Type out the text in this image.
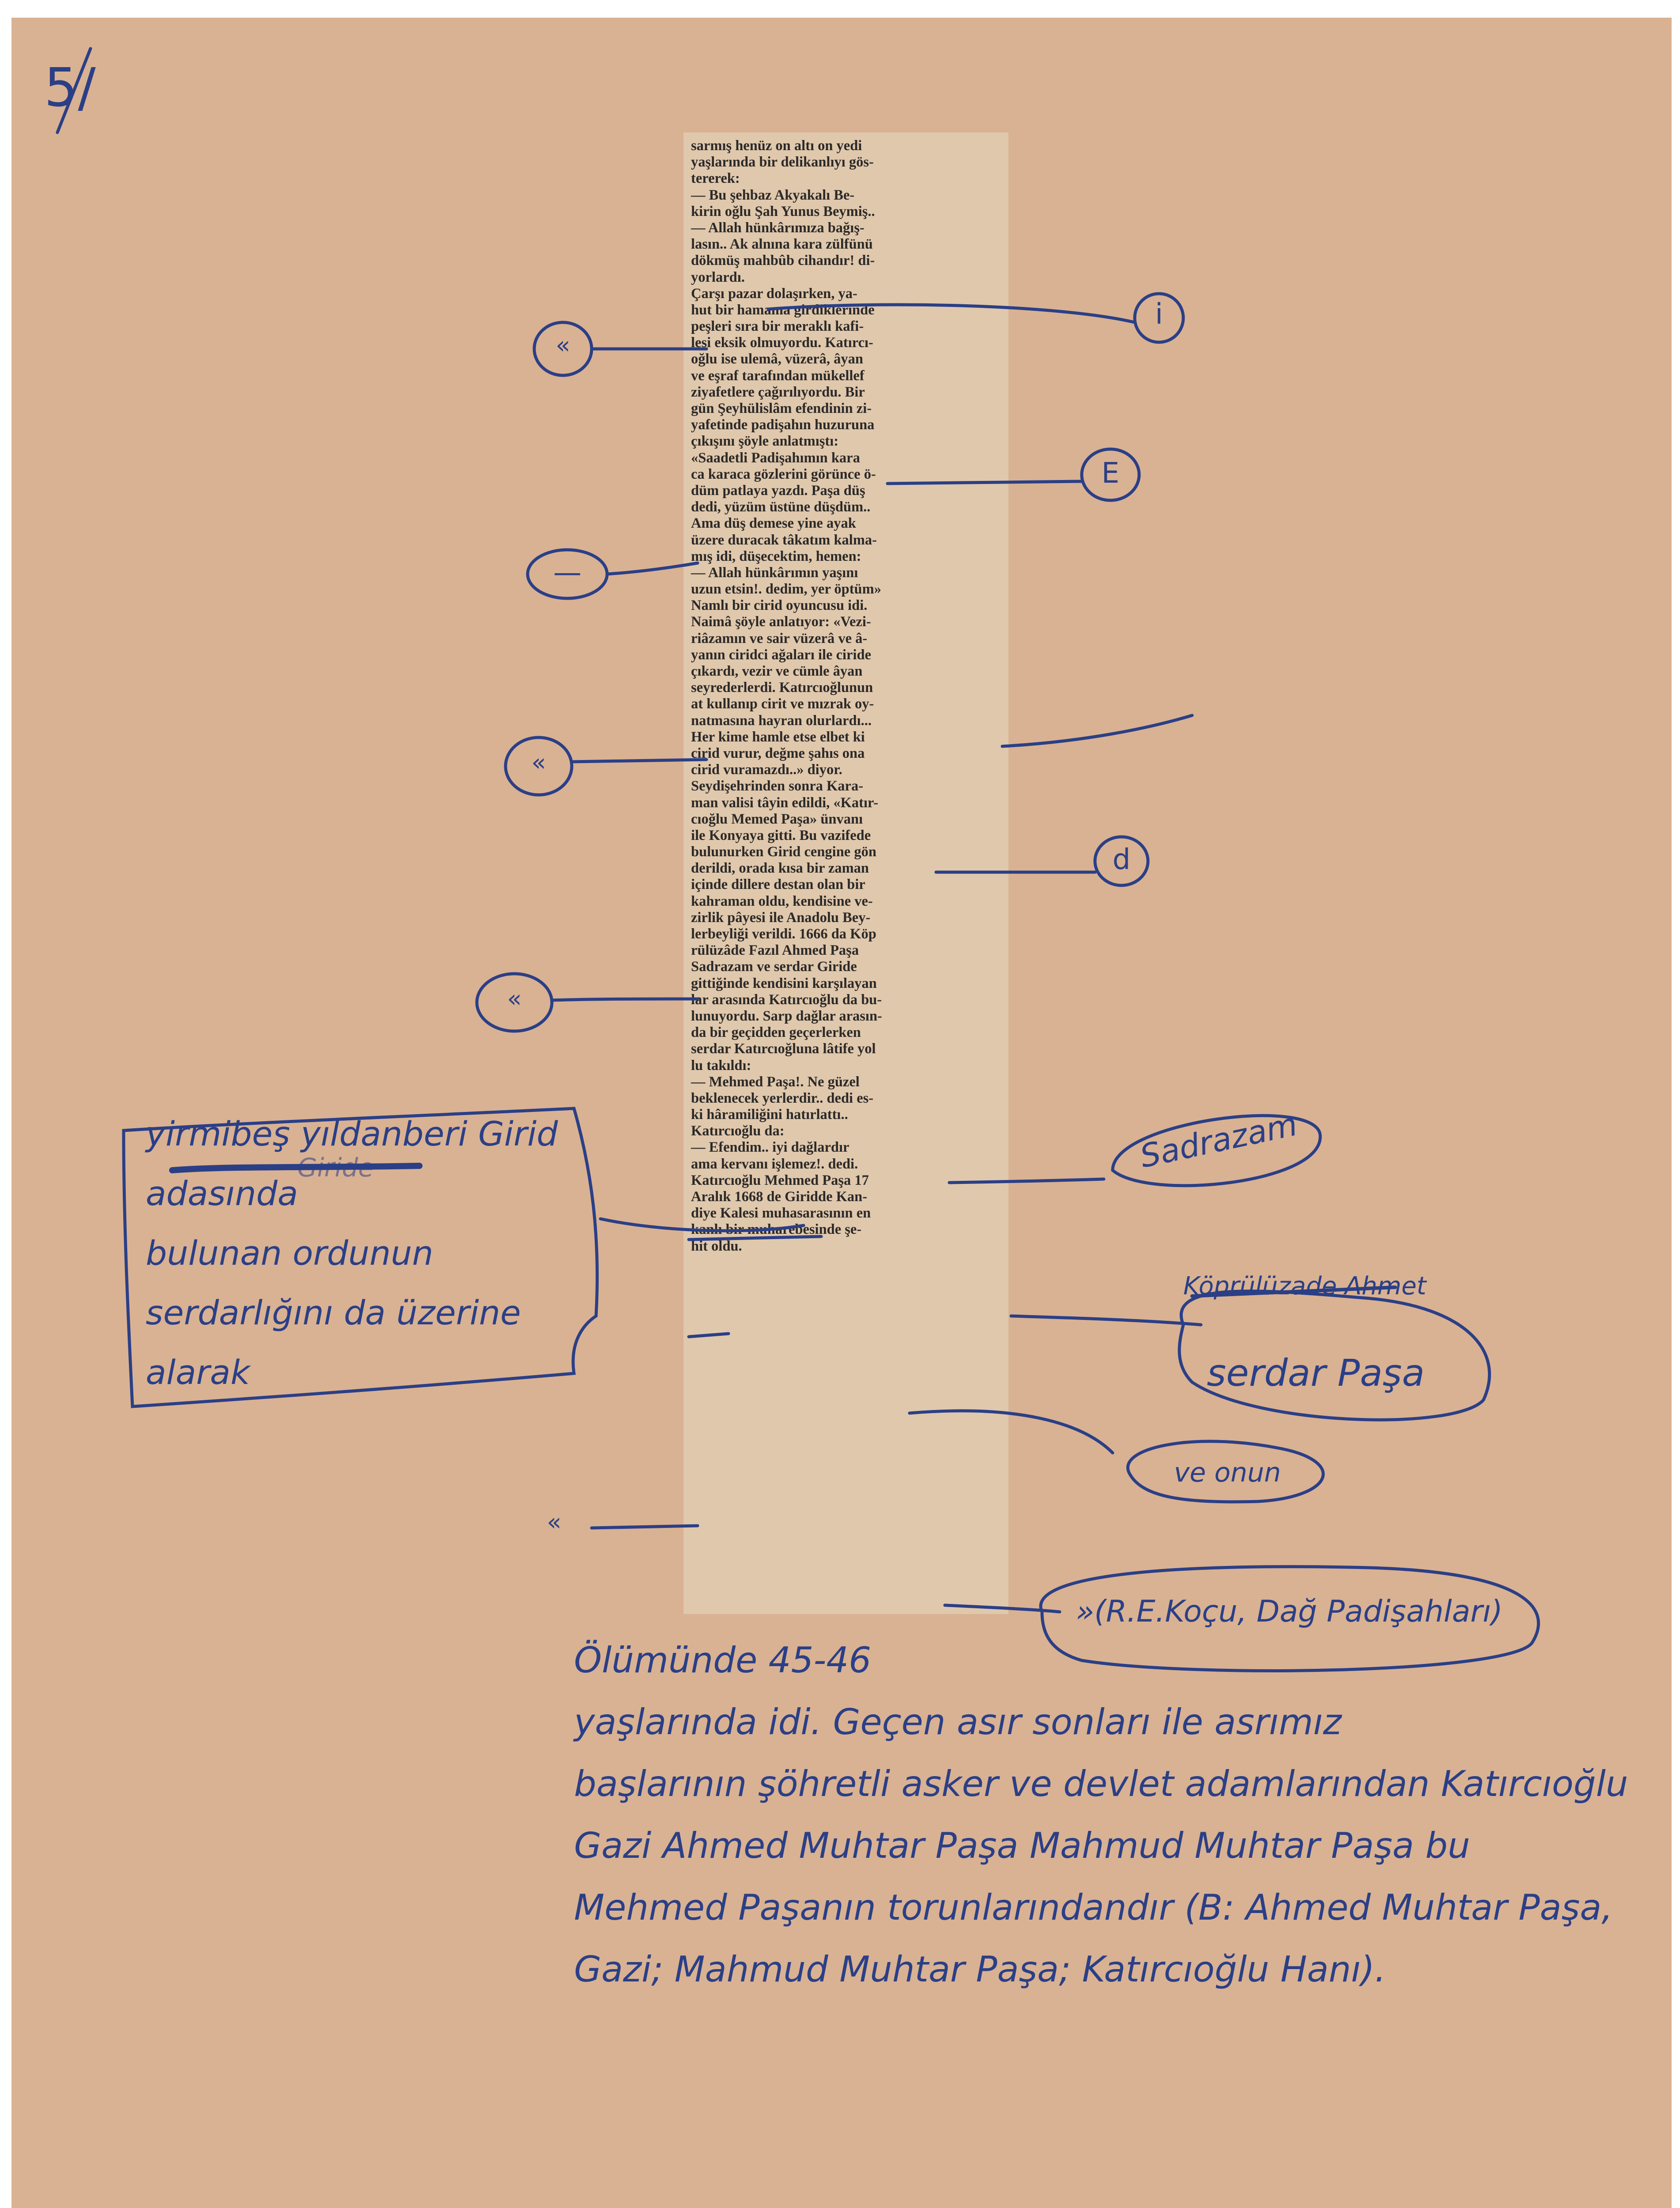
5/

sarmış henüz on altı on yedi
yaşlarında bir delikanlıyı gös-
tererek:
— Bu şehbaz Akyakalı Be-
kirin oğlu Şah Yunus Beymiş..
— Allah hünkârımıza bağış-
lasın.. Ak alnına kara zülfünü
dökmüş mahbûb cihandır! di-
yorlardı.
Çarşı pazar dolaşırken, ya-
hut bir hamama girdiklerinde
peşleri sıra bir meraklı kafi-
lesi eksik olmuyordu. Katırcı-
oğlu ise ulemâ, vüzerâ, âyan
ve eşraf tarafından mükellef
ziyafetlere çağırılıyordu. Bir
gün Şeyhülislâm efendinin zi-
yafetinde padişahın huzuruna
çıkışını şöyle anlatmıştı:
«Saadetli Padişahımın kara
ca karaca gözlerini görünce ö-
düm patlaya yazdı. Paşa düş
dedi, yüzüm üstüne düşdüm..
Ama düş demese yine ayak
üzere duracak tâkatım kalma-
mış idi, düşecektim, hemen:
— Allah hünkârımın yaşını
uzun etsin!. dedim, yer öptüm»
Namlı bir cirid oyuncusu idi.
Naimâ şöyle anlatıyor: «Vezi-
riâzamın ve sair vüzerâ ve â-
yanın ciridci ağaları ile ciride
çıkardı, vezir ve cümle âyan
seyrederlerdi. Katırcıoğlunun
at kullanıp cirit ve mızrak oy-
natmasına hayran olurlardı...
Her kime hamle etse elbet ki
cirid vurur, değme şahıs ona
cirid vuramazdı..» diyor.
Seydişehrinden sonra Kara-
man valisi tâyin edildi, «Katır-
cıoğlu Memed Paşa» ünvanı
ile Konyaya gitti. Bu vazifede
bulunurken Girid cengine gön
derildi, orada kısa bir zaman
içinde dillere destan olan bir
kahraman oldu, kendisine ve-
zirlik pâyesi ile Anadolu Bey-
lerbeyliği verildi. 1666 da Köp
rülüzâde Fazıl Ahmed Paşa
Sadrazam ve serdar Giride
gittiğinde kendisini karşılayan
lar arasında Katırcıoğlu da bu-
lunuyordu. Sarp dağlar arasın-
da bir geçidden geçerlerken
serdar Katırcıoğluna lâtife yol
lu takıldı:
— Mehmed Paşa!. Ne güzel
beklenecek yerlerdir.. dedi es-
ki hâramiliğini hatırlattı..
Katırcıoğlu da:
— Efendim.. iyi dağlardır
ama kervanı işlemez!. dedi.
Katırcıoğlu Mehmed Paşa 17
Aralık 1668 de Giridde Kan-
diye Kalesi muhasarasının en
kanlı bir muharebesinde şe-
hit oldu.

i
E
—
d
«
«
«
«

yirmibeş yıldanberi Girid
adasında
bulunan ordunun
serdarlığını da üzerine
alarak

Giride	Sadrazam
Köprülüzade Ahmet
serdar Paşa
ve onun
»(R.E.Koçu, Dağ Padişahları)

Ölümünde 45-46
yaşlarında idi. Geçen asır sonları ile asrımız
başlarının şöhretli asker ve devlet adamlarından Katırcıoğlu
Gazi Ahmed Muhtar Paşa Mahmud Muhtar Paşa bu
Mehmed Paşanın torunlarındandır (B: Ahmed Muhtar Paşa,
Gazi; Mahmud Muhtar Paşa; Katırcıoğlu Hanı).
